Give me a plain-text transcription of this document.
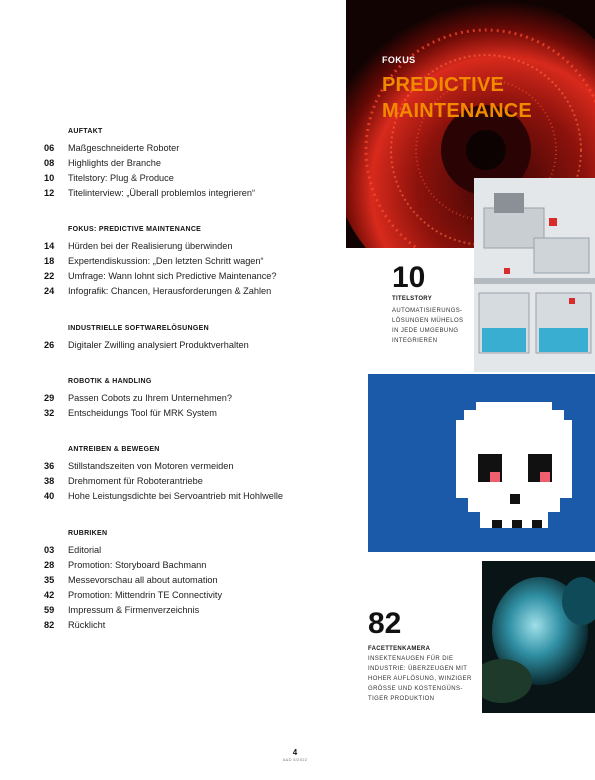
AUFTAKT
06	Maßgeschneiderte Roboter
08	Highlights der Branche
10	Titelstory: Plug & Produce
12	Titelinterview: „Überall problemlos integrieren“
FOKUS: PREDICTIVE MAINTENANCE
14	Hürden bei der Realisierung überwinden
18	Expertendiskussion: „Den letzten Schritt wagen“
22	Umfrage: Wann lohnt sich Predictive Maintenance?
24	Infografik: Chancen, Herausforderungen & Zahlen
INDUSTRIELLE SOFTWARELÖSUNGEN
26	Digitaler Zwilling analysiert Produktverhalten
ROBOTIK & HANDLING
29	Passen Cobots zu Ihrem Unternehmen?
32	Entscheidungs Tool für MRK System
ANTREIBEN & BEWEGEN
36	Stillstandszeiten von Motoren vermeiden
38	Drehmoment für Roboterantriebe
40	Hohe Leistungsdichte bei Servoantrieb mit Hohlwelle
RUBRIKEN
03	Editorial
28	Promotion: Storyboard Bachmann
35	Messevorschau all about automation
42	Promotion: Mittendrin TE Connectivity
59	Impressum & Firmenverzeichnis
82	Rücklicht
FOKUS
PREDICTIVE
MAINTENANCE
10
TITELSTORY
AUTOMATISIERUNGS-
LÖSUNGEN MÜHELOS
IN JEDE UMGEBUNG
INTEGRIEREN
82
FACETTENKAMERA
INSEKTENAUGEN FÜR DIE
INDUSTRIE: ÜBERZEUGEN MIT
HOHER AUFLÖSUNG, WINZIGER
GRÖSSE UND KOSTENGÜNS-
TIGER PRODUKTION
4
A&D 5/2022
